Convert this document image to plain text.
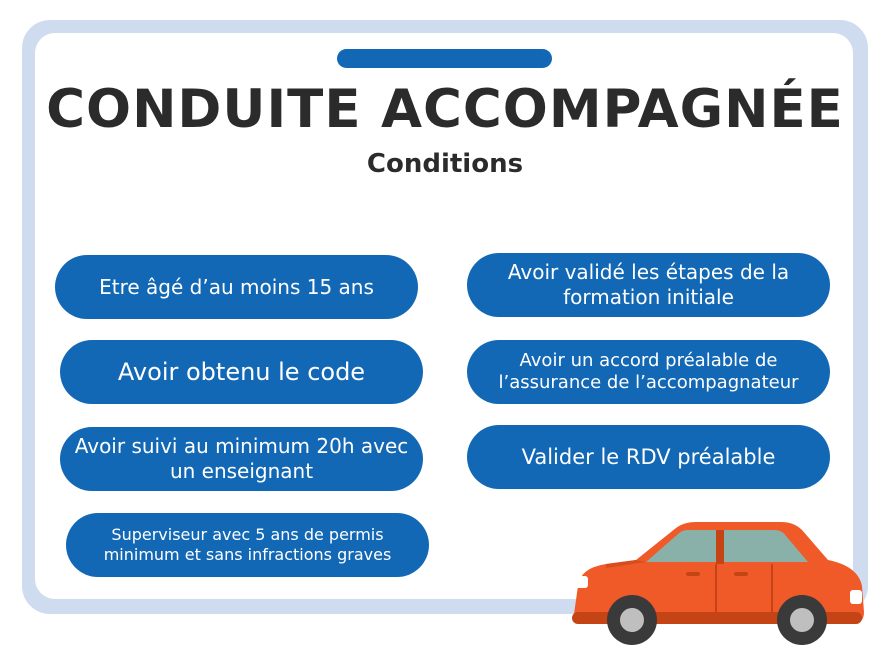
CONDUITE ACCOMPAGNÉE
Conditions
Etre âgé d’au moins 15 ans
Avoir obtenu le code
Avoir suivi au minimum 20h avec un enseignant
Superviseur avec 5 ans de permis minimum et sans infractions graves
Avoir validé les étapes de la formation initiale
Avoir un accord préalable de l’assurance de l’accompagnateur
Valider le RDV préalable
